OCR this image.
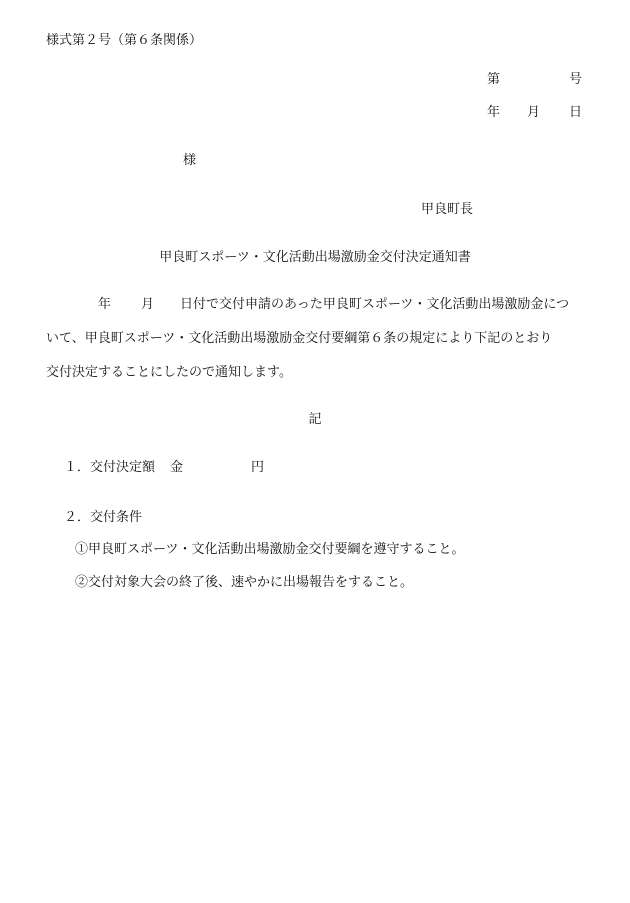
様式第２号（第６条関係）
第	号
年 月 日
様
甲良町長
甲良町スポーツ・文化活動出場激励金交付決定通知書
年 月 日付で交付申請のあった甲良町スポーツ・文化活動出場激励金につ
いて、甲良町スポーツ・文化活動出場激励金交付要綱第６条の規定により下記のとおり
交付決定することにしたので通知します。
記
１．交付決定額 金	円
２．交付条件
①甲良町スポーツ・文化活動出場激励金交付要綱を遵守すること。
②交付対象大会の終了後、速やかに出場報告をすること。
